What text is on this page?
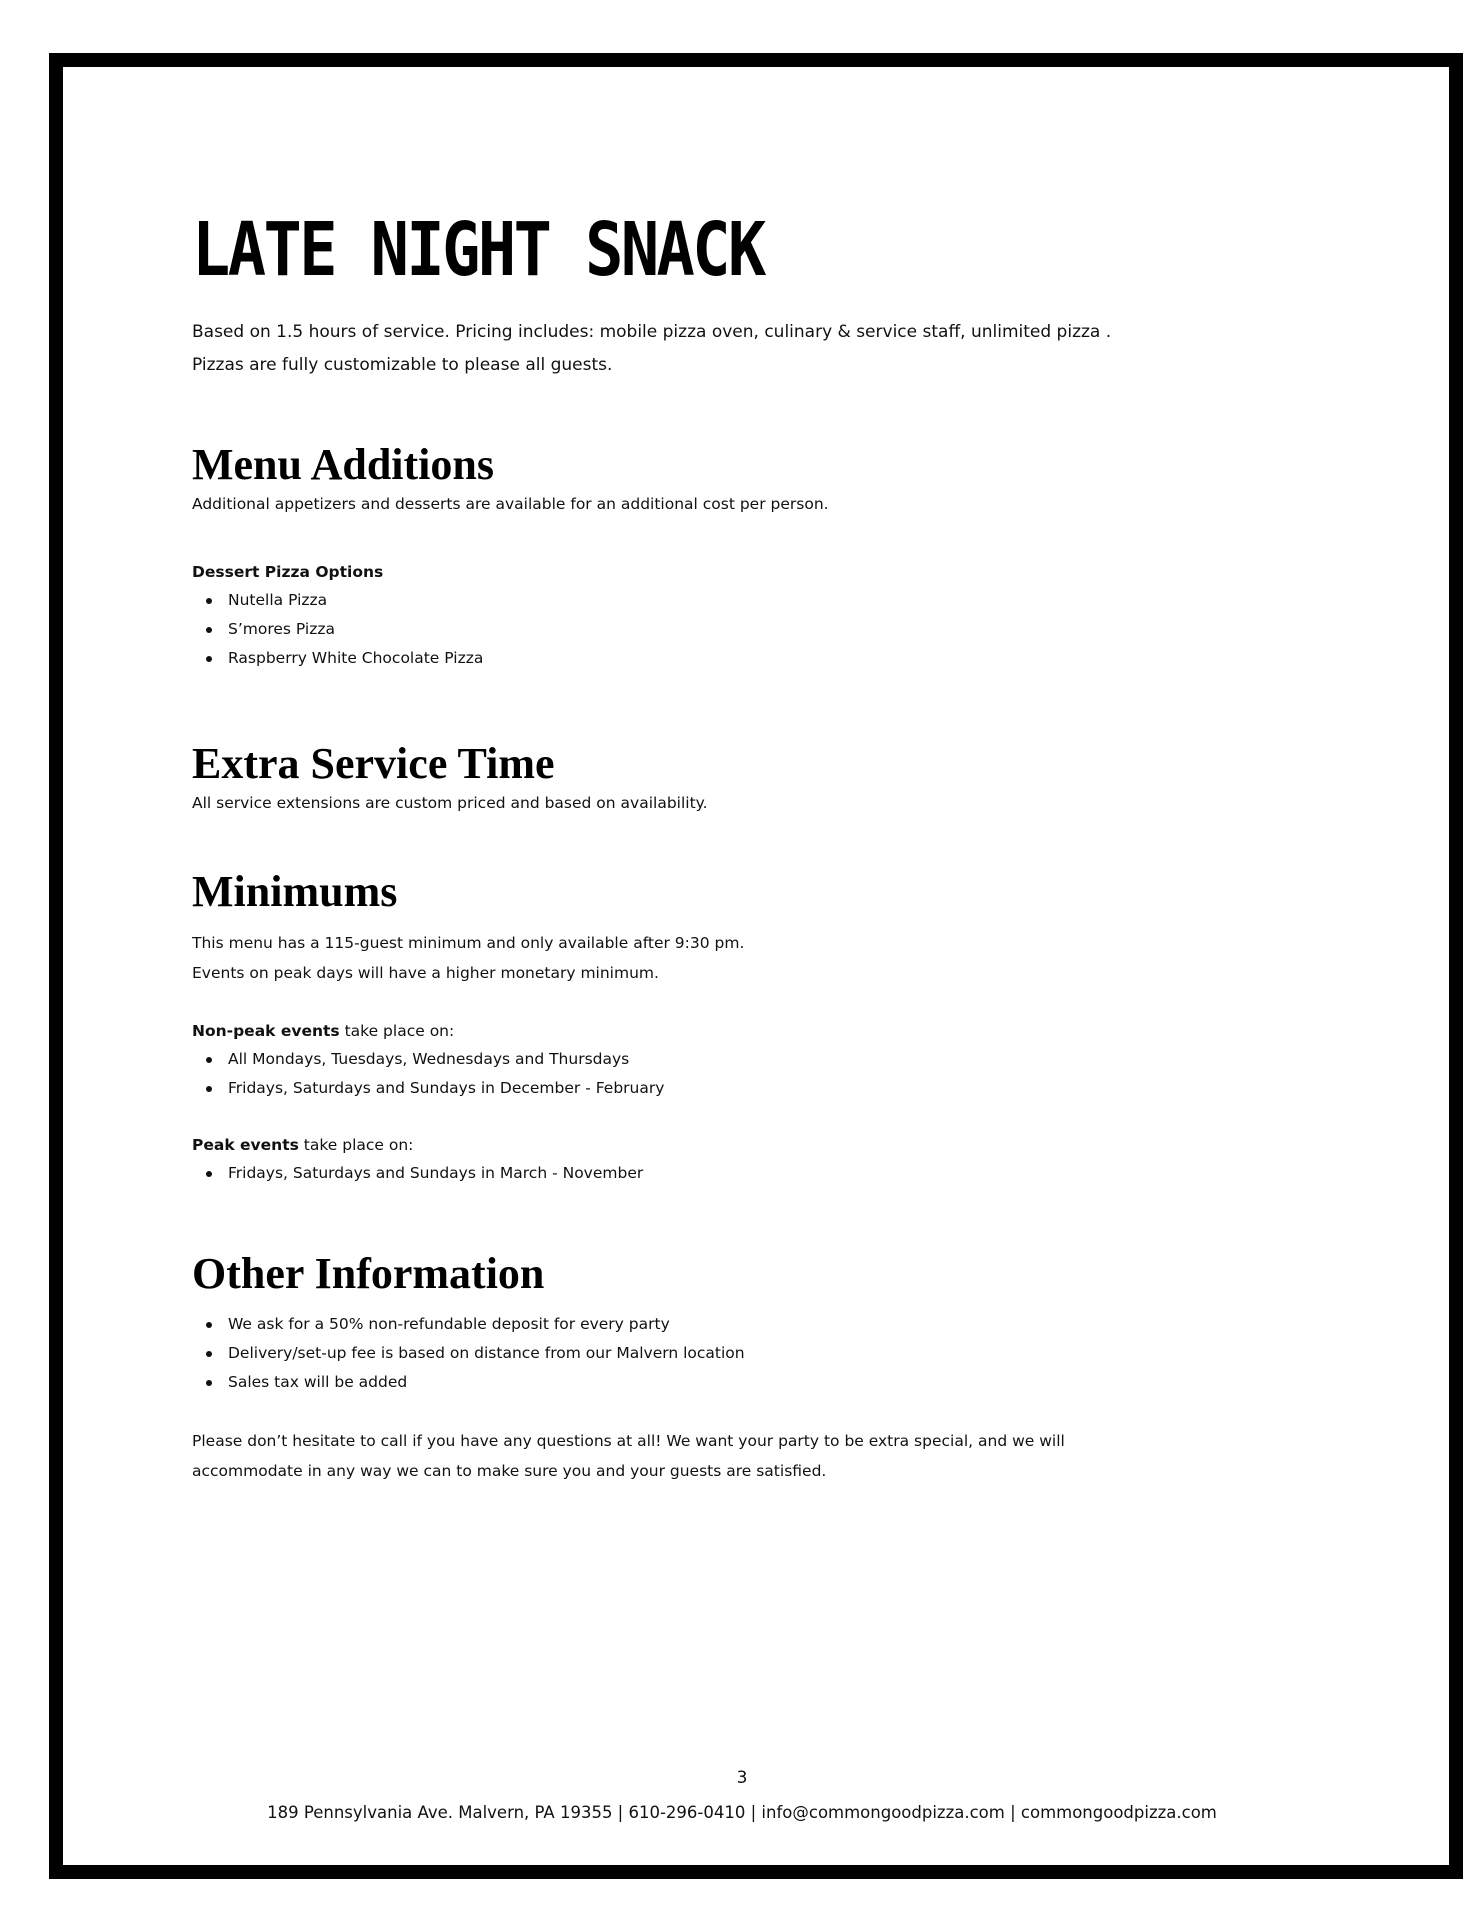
LATE NIGHT SNACK

Based on 1.5 hours of service. Pricing includes: mobile pizza oven, culinary & service staff, unlimited pizza .

Pizzas are fully customizable to please all guests.

Menu Additions

Additional appetizers and desserts are available for an additional cost per person.

Dessert Pizza Options

Nutella Pizza
S’mores Pizza
Raspberry White Chocolate Pizza
Extra Service Time

All service extensions are custom priced and based on availability.

Minimums

This menu has a 115-guest minimum and only available after 9:30 pm.

Events on peak days will have a higher monetary minimum.

Non-peak events take place on:

All Mondays, Tuesdays, Wednesdays and Thursdays
Fridays, Saturdays and Sundays in December - February

Peak events take place on:

Fridays, Saturdays and Sundays in March - November
Other Information
We ask for a 50% non-refundable deposit for every party
Delivery/set-up fee is based on distance from our Malvern location
Sales tax will be added

Please don’t hesitate to call if you have any questions at all! We want your party to be extra special, and we will

accommodate in any way we can to make sure you and your guests are satisfied.

3

189 Pennsylvania Ave. Malvern, PA 19355 | 610-296-0410 | info@commongoodpizza.com | commongoodpizza.com
